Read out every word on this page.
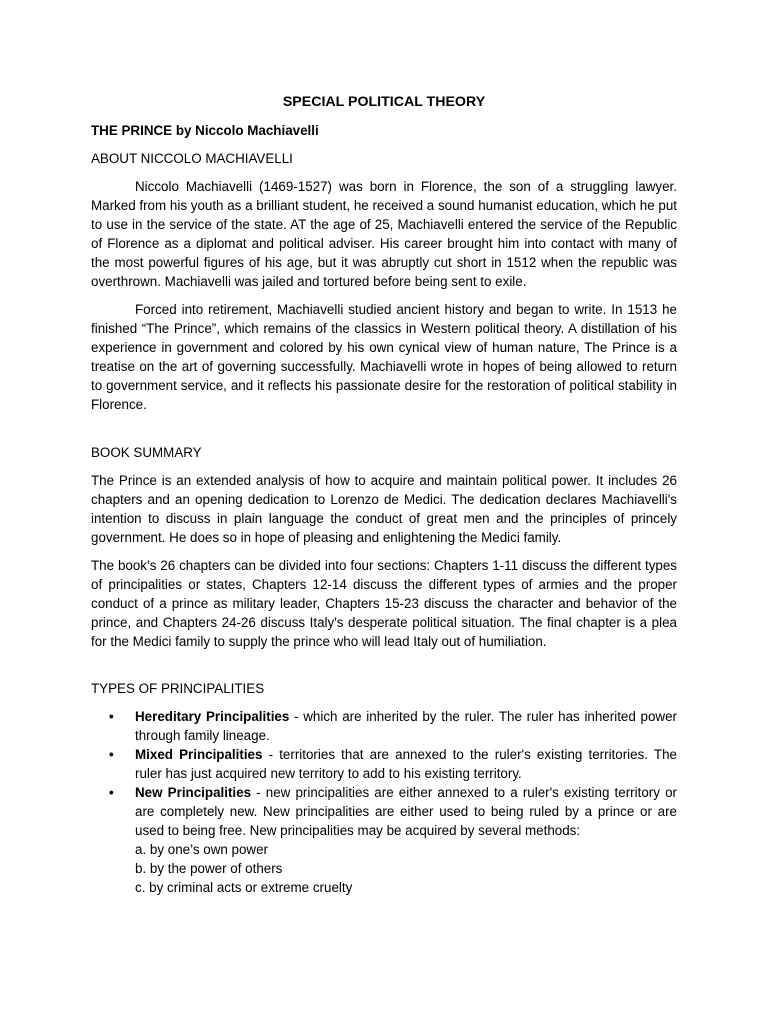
SPECIAL POLITICAL THEORY
THE PRINCE by Niccolo Machiavelli
ABOUT NICCOLO MACHIAVELLI

Niccolo Machiavelli (1469-1527) was born in Florence, the son of a struggling lawyer. Marked from his youth as a brilliant student, he received a sound humanist education, which he put to use in the service of the state. AT the age of 25, Machiavelli entered the service of the Republic of Florence as a diplomat and political adviser. His career brought him into contact with many of the most powerful figures of his age, but it was abruptly cut short in 1512 when the republic was overthrown. Machiavelli was jailed and tortured before being sent to exile.

Forced into retirement, Machiavelli studied ancient history and began to write. In 1513 he finished “The Prince”, which remains of the classics in Western political theory. A distillation of his experience in government and colored by his own cynical view of human nature, The Prince is a treatise on the art of governing successfully. Machiavelli wrote in hopes of being allowed to return to government service, and it reflects his passionate desire for the restoration of political stability in Florence.

BOOK SUMMARY

The Prince is an extended analysis of how to acquire and maintain political power. It includes 26 chapters and an opening dedication to Lorenzo de Medici. The dedication declares Machiavelli's intention to discuss in plain language the conduct of great men and the principles of princely government. He does so in hope of pleasing and enlightening the Medici family.

The book’s 26 chapters can be divided into four sections: Chapters 1-11 discuss the different types of principalities or states, Chapters 12-14 discuss the different types of armies and the proper conduct of a prince as military leader, Chapters 15-23 discuss the character and behavior of the prince, and Chapters 24-26 discuss Italy's desperate political situation. The final chapter is a plea for the Medici family to supply the prince who will lead Italy out of humiliation.

TYPES OF PRINCIPALITIES
• Hereditary Principalities - which are inherited by the ruler. The ruler has inherited power through family lineage.
• Mixed Principalities - territories that are annexed to the ruler's existing territories. The ruler has just acquired new territory to add to his existing territory.
• New Principalities - new principalities are either annexed to a ruler's existing territory or are completely new. New principalities are either used to being ruled by a prince or are used to being free. New principalities may be acquired by several methods:
a. by one’s own power
b. by the power of others
c. by criminal acts or extreme cruelty
